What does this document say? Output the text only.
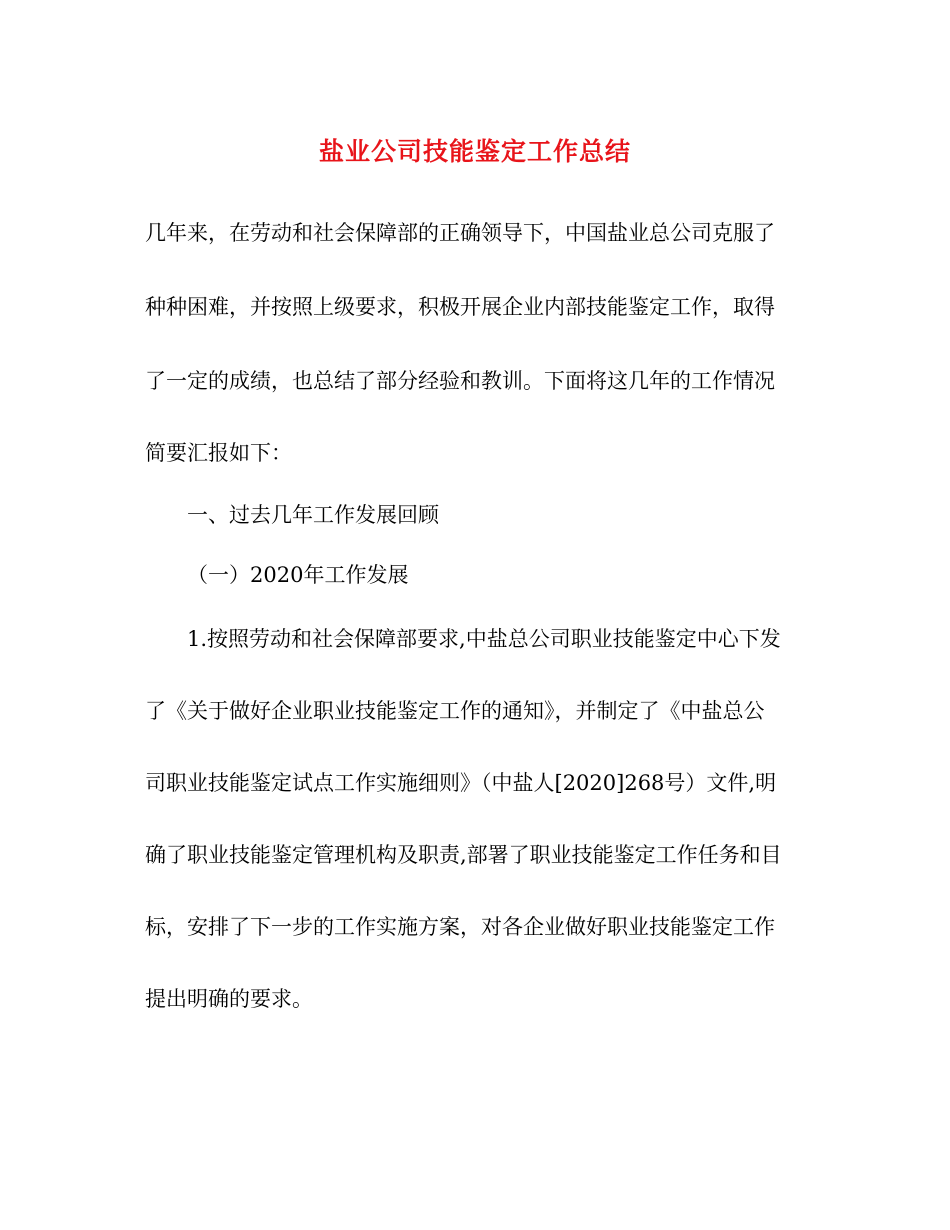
盐业公司技能鉴定工作总结
几年来，在劳动和社会保障部的正确领导下，中国盐业总公司克服了
种种困难，并按照上级要求，积极开展企业内部技能鉴定工作，取得
了一定的成绩，也总结了部分经验和教训。下面将这几年的工作情况
简要汇报如下：
一、过去几年工作发展回顾
（一）2020年工作发展
1.按照劳动和社会保障部要求,中盐总公司职业技能鉴定中心下发
了《关于做好企业职业技能鉴定工作的通知》，并制定了《中盐总公
司职业技能鉴定试点工作实施细则》（中盐人[2020]268号）文件,明
确了职业技能鉴定管理机构及职责,部署了职业技能鉴定工作任务和目
标，安排了下一步的工作实施方案，对各企业做好职业技能鉴定工作
提出明确的要求。
